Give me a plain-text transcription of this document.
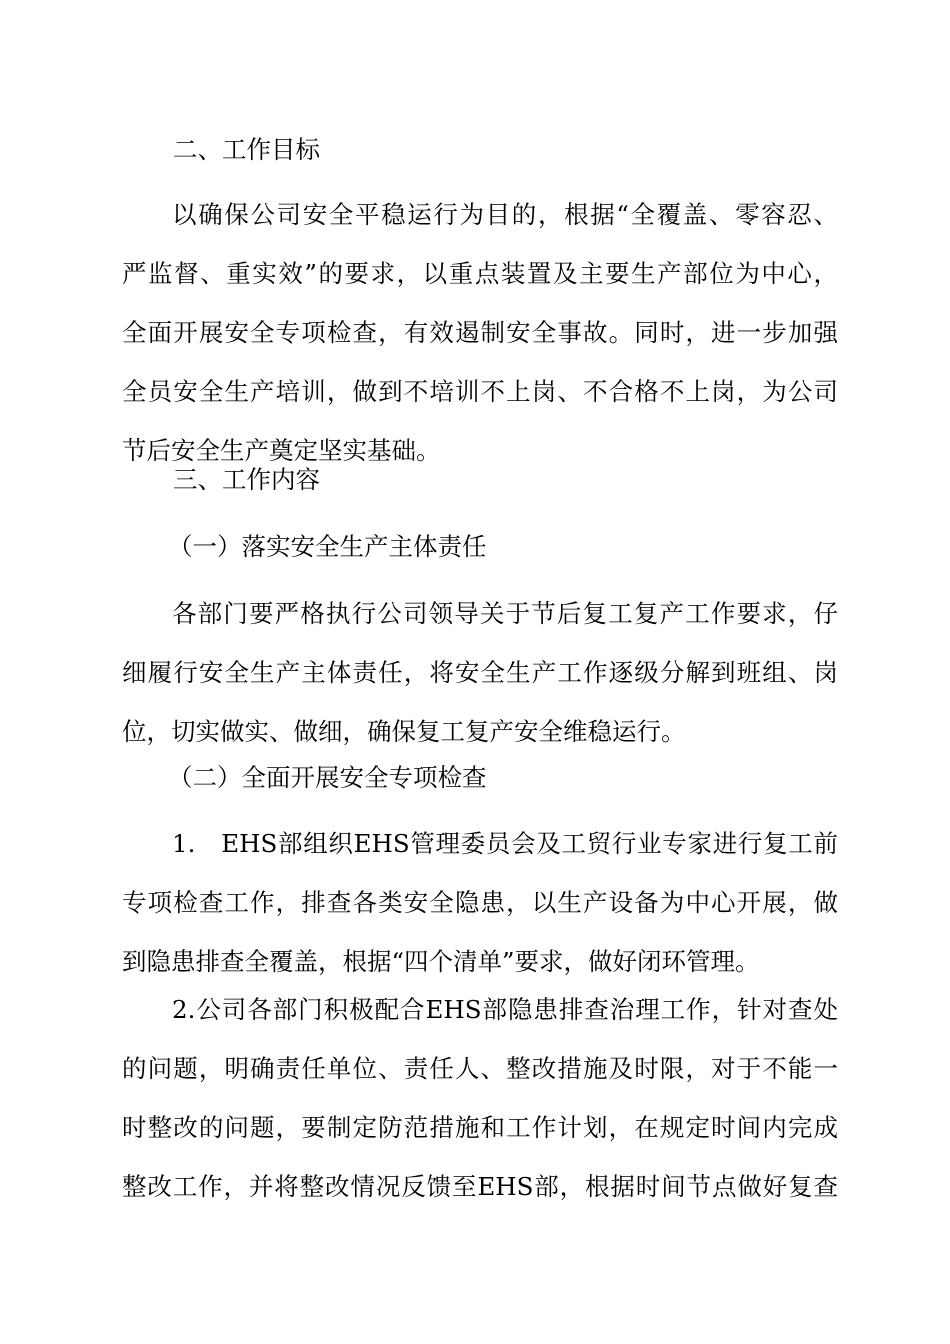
二、工作目标
以确保公司安全平稳运行为目的，根据“全覆盖、零容忍、
严监督、重实效”的要求，以重点装置及主要生产部位为中心，
全面开展安全专项检查，有效遏制安全事故。同时，进一步加强
全员安全生产培训，做到不培训不上岗、不合格不上岗，为公司
节后安全生产奠定坚实基础。
三、工作内容
（一）落实安全生产主体责任
各部门要严格执行公司领导关于节后复工复产工作要求，仔
细履行安全生产主体责任，将安全生产工作逐级分解到班组、岗
位，切实做实、做细，确保复工复产安全维稳运行。
（二）全面开展安全专项检查
1.　EHS部组织EHS管理委员会及工贸行业专家进行复工前
专项检查工作，排查各类安全隐患，以生产设备为中心开展，做
到隐患排查全覆盖，根据“四个清单”要求，做好闭环管理。
2.公司各部门积极配合EHS部隐患排查治理工作，针对查处
的问题，明确责任单位、责任人、整改措施及时限，对于不能一
时整改的问题，要制定防范措施和工作计划，在规定时间内完成
整改工作，并将整改情况反馈至EHS部，根据时间节点做好复查
